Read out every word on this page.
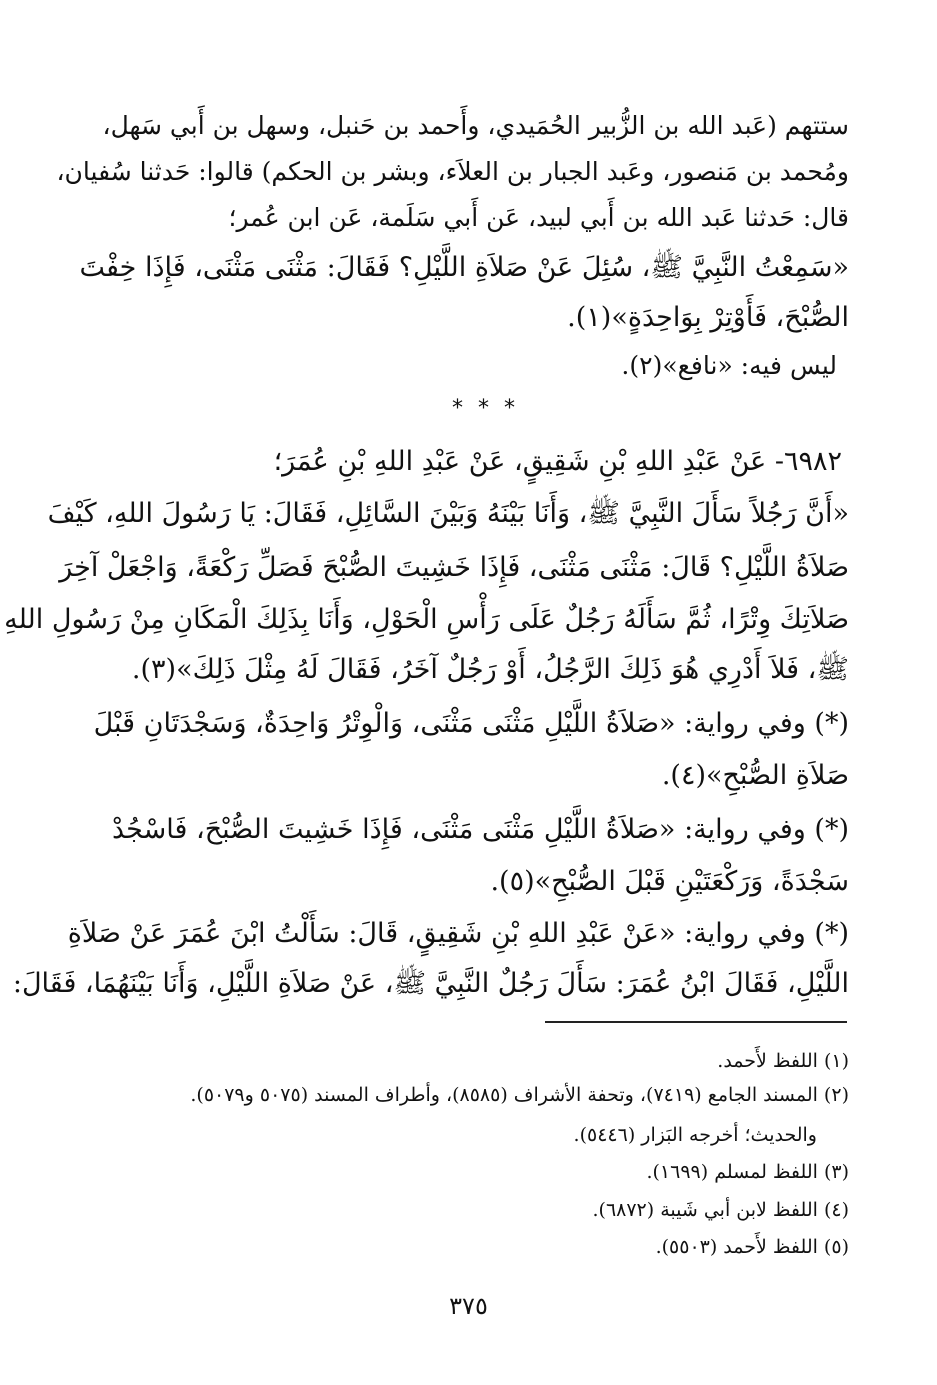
ستتهم (عَبد الله بن الزُّبير الحُمَيدي، وأَحمد بن حَنبل، وسهل بن أَبي سَهل،
ومُحمد بن مَنصور، وعَبد الجبار بن العلاَء، وبشر بن الحكم) قالوا: حَدثنا سُفيان،
قال: حَدثنا عَبد الله بن أَبي لبيد، عَن أَبي سَلَمة، عَن ابن عُمر؛
«سَمِعْتُ النَّبِيَّ ﷺ، سُئِلَ عَنْ صَلاَةِ اللَّيْلِ؟ فَقَالَ: مَثْنَى مَثْنَى، فَإِذَا خِفْتَ
الصُّبْحَ، فَأَوْتِرْ بِوَاحِدَةٍ»(١).
ليس فيه: «نافع»(٢).
* * *
٦٩٨٢- عَنْ عَبْدِ اللهِ بْنِ شَقِيقٍ، عَنْ عَبْدِ اللهِ بْنِ عُمَرَ؛
«أَنَّ رَجُلاً سَأَلَ النَّبِيَّ ﷺ، وَأَنَا بَيْنَهُ وَبَيْنَ السَّائِلِ، فَقَالَ: يَا رَسُولَ اللهِ، كَيْفَ
صَلاَةُ اللَّيْلِ؟ قَالَ: مَثْنَى مَثْنَى، فَإِذَا خَشِيتَ الصُّبْحَ فَصَلِّ رَكْعَةً، وَاجْعَلْ آخِرَ
صَلاَتِكَ وِتْرًا، ثُمَّ سَأَلَهُ رَجُلٌ عَلَى رَأْسِ الْحَوْلِ، وَأَنَا بِذَلِكَ الْمَكَانِ مِنْ رَسُولِ اللهِ
ﷺ، فَلاَ أَدْرِي هُوَ ذَلِكَ الرَّجُلُ، أَوْ رَجُلٌ آخَرُ، فَقَالَ لَهُ مِثْلَ ذَلِكَ»(٣).
(*) وفي رواية: «صَلاَةُ اللَّيْلِ مَثْنَى مَثْنَى، وَالْوِتْرُ وَاحِدَةٌ، وَسَجْدَتَانِ قَبْلَ
صَلاَةِ الصُّبْحِ»(٤).
(*) وفي رواية: «صَلاَةُ اللَّيْلِ مَثْنَى مَثْنَى، فَإِذَا خَشِيتَ الصُّبْحَ، فَاسْجُدْ
سَجْدَةً، وَرَكْعَتَيْنِ قَبْلَ الصُّبْحِ»(٥).
(*) وفي رواية: «عَنْ عَبْدِ اللهِ بْنِ شَقِيقٍ، قَالَ: سَأَلْتُ ابْنَ عُمَرَ عَنْ صَلاَةِ
اللَّيْلِ، فَقَالَ ابْنُ عُمَرَ: سَأَلَ رَجُلٌ النَّبِيَّ ﷺ، عَنْ صَلاَةِ اللَّيْلِ، وَأَنَا بَيْنَهُمَا، فَقَالَ:
(١) اللفظ لأَحمد.
(٢) المسند الجامع (٧٤١٩)، وتحفة الأشراف (٨٥٨٥)، وأطراف المسند (٥٠٧٥ و٥٠٧٩).
والحديث؛ أخرجه البَزار (٥٤٤٦).
(٣) اللفظ لمسلم (١٦٩٩).
(٤) اللفظ لابن أبي شَيبة (٦٨٧٢).
(٥) اللفظ لأَحمد (٥٥٠٣).
٣٧٥
